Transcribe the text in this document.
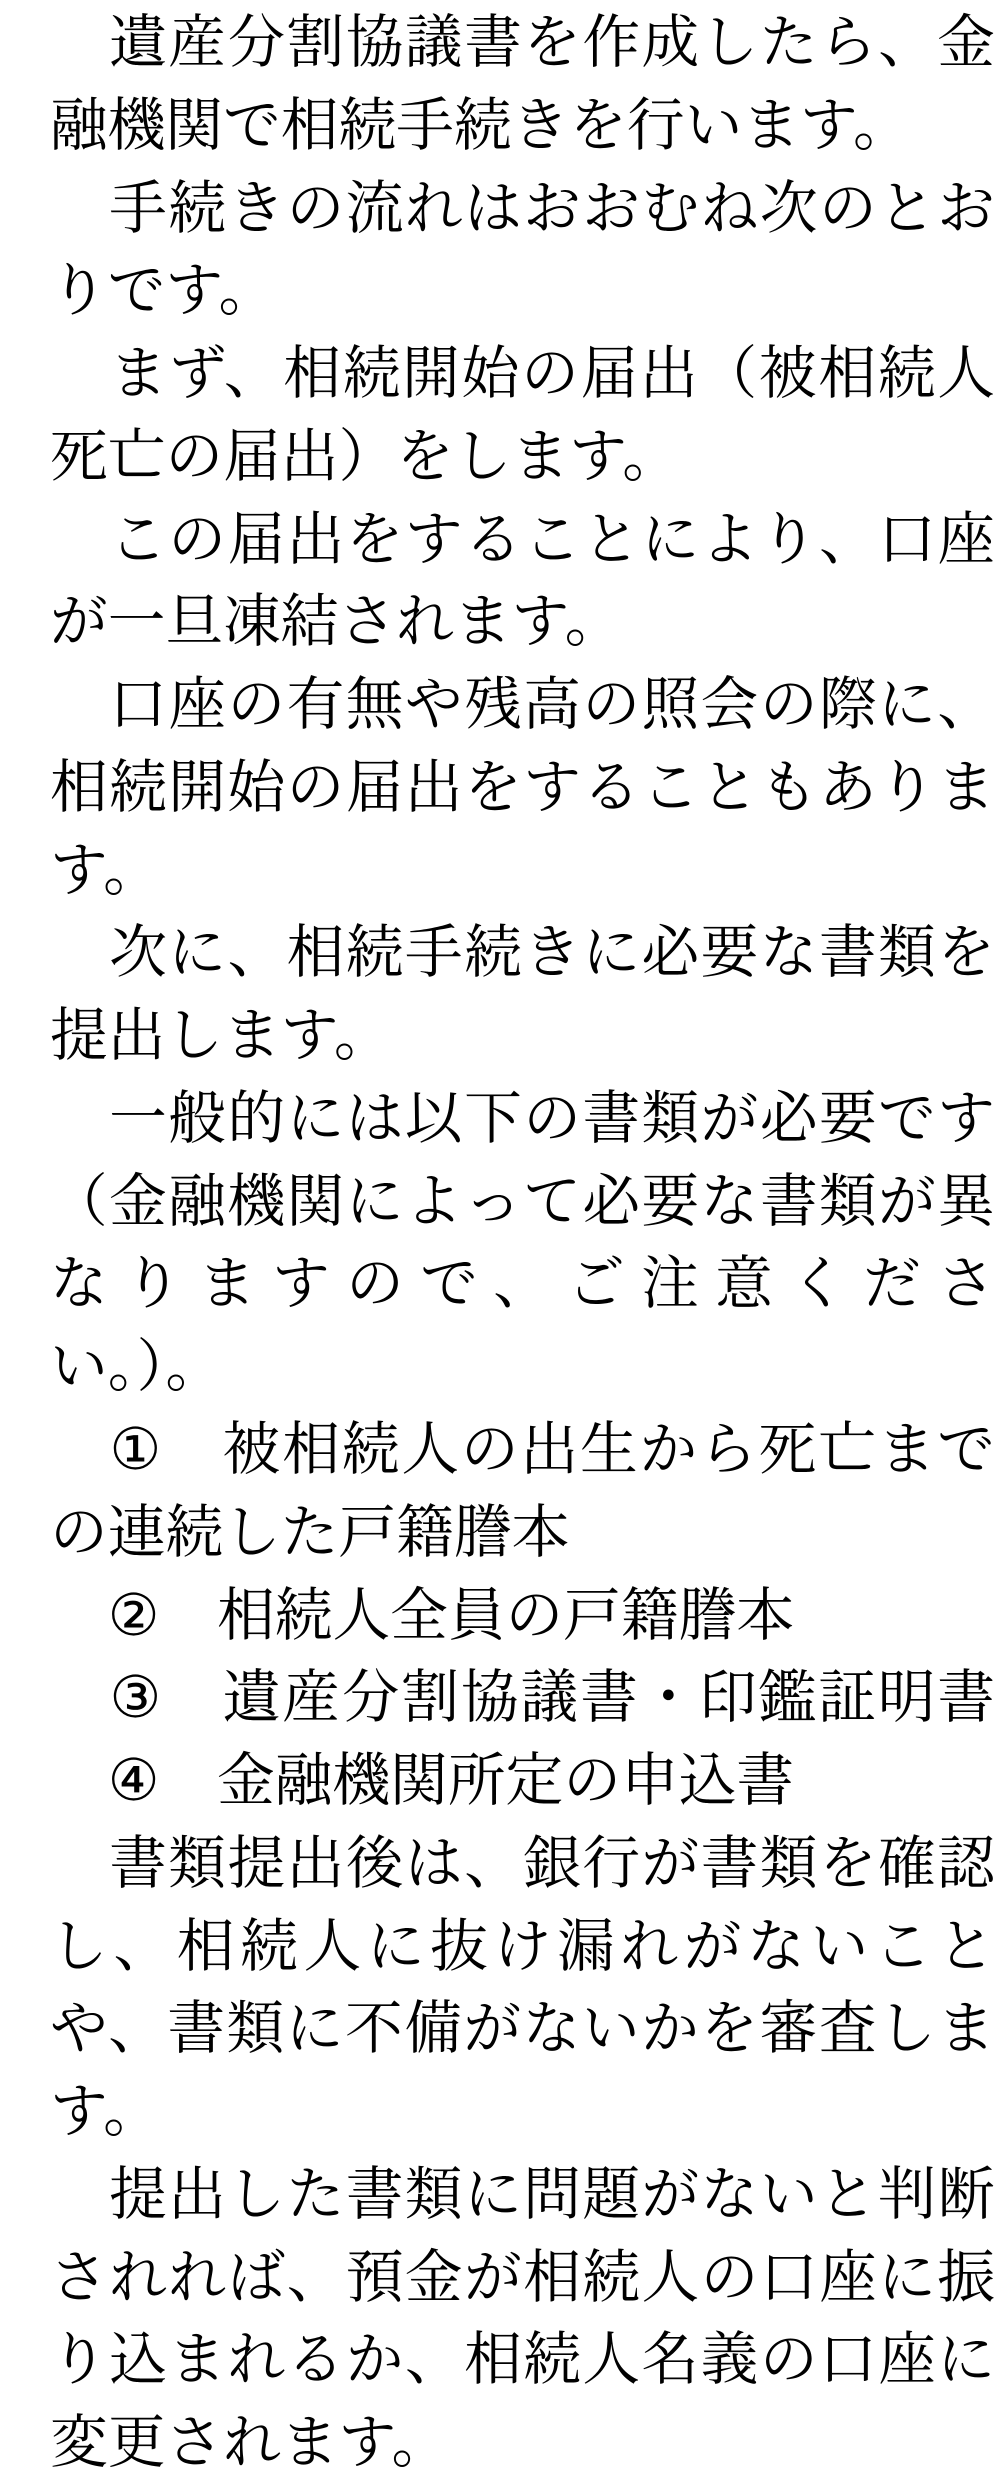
　遺産分割協議書を作成したら、金
融機関で相続手続きを行います。
　手続きの流れはおおむね次のとお
りです。
　まず、相続開始の届出（被相続人
死亡の届出）をします。
　この届出をすることにより、口座
が一旦凍結されます。
　口座の有無や残高の照会の際に、
相続開始の届出をすることもありま
す。
　次に、相続手続きに必要な書類を
提出します。
　一般的には以下の書類が必要です
（金融機関によって必要な書類が異
なりますので、ご注意くださ
い。）。
　①　被相続人の出生から死亡まで
の連続した戸籍謄本
　②　相続人全員の戸籍謄本
　③　遺産分割協議書・印鑑証明書
　④　金融機関所定の申込書
　書類提出後は、銀行が書類を確認
し、相続人に抜け漏れがないこと
や、書類に不備がないかを審査しま
す。
　提出した書類に問題がないと判断
されれば、預金が相続人の口座に振
り込まれるか、相続人名義の口座に
変更されます。
